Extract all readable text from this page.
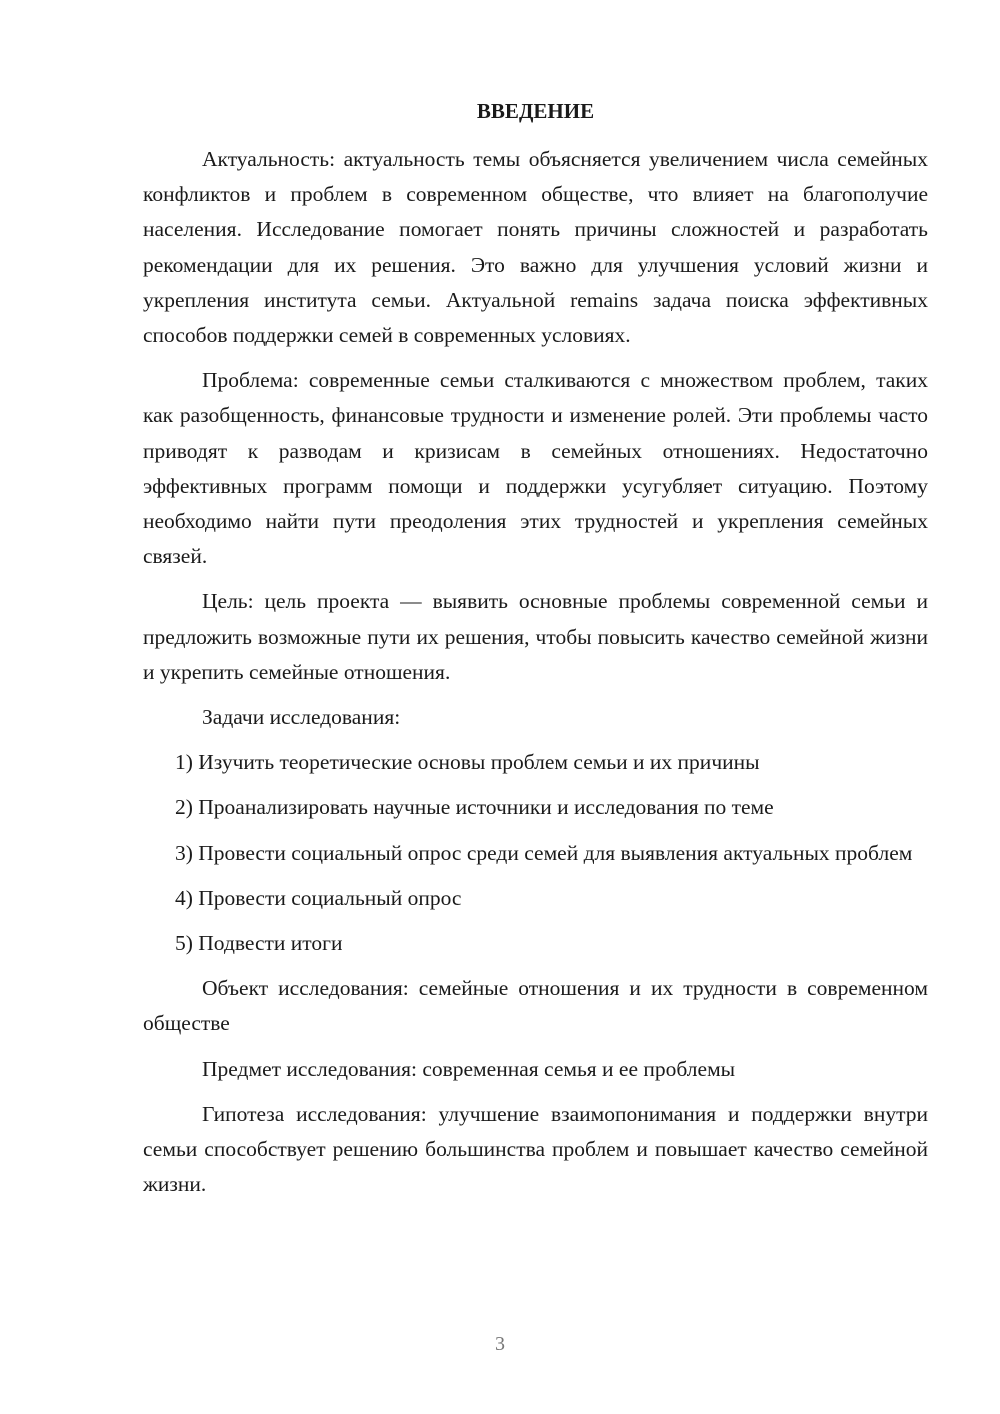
ВВЕДЕНИЕ

Актуальность: актуальность темы объясняется увеличением числа семейных конфликтов и проблем в современном обществе, что влияет на благополучие населения. Исследование помогает понять причины сложностей и разработать рекомендации для их решения. Это важно для улучшения условий жизни и укрепления института семьи. Актуальной remains задача поиска эффективных способов поддержки семей в современных условиях.

Проблема: современные семьи сталкиваются с множеством проблем, таких как разобщенность, финансовые трудности и изменение ролей. Эти проблемы часто приводят к разводам и кризисам в семейных отношениях. Недостаточно эффективных программ помощи и поддержки усугубляет ситуацию. Поэтому необходимо найти пути преодоления этих трудностей и укрепления семейных связей.

Цель: цель проекта — выявить основные проблемы современной семьи и предложить возможные пути их решения, чтобы повысить качество семейной жизни и укрепить семейные отношения.

Задачи исследования:

1) Изучить теоретические основы проблем семьи и их причины

2) Проанализировать научные источники и исследования по теме

3) Провести социальный опрос среди семей для выявления актуальных проблем

4) Провести социальный опрос

5) Подвести итоги

Объект исследования: семейные отношения и их трудности в современном обществе

Предмет исследования: современная семья и ее проблемы

Гипотеза исследования: улучшение взаимопонимания и поддержки внутри семьи способствует решению большинства проблем и повышает качество семейной жизни.

3
